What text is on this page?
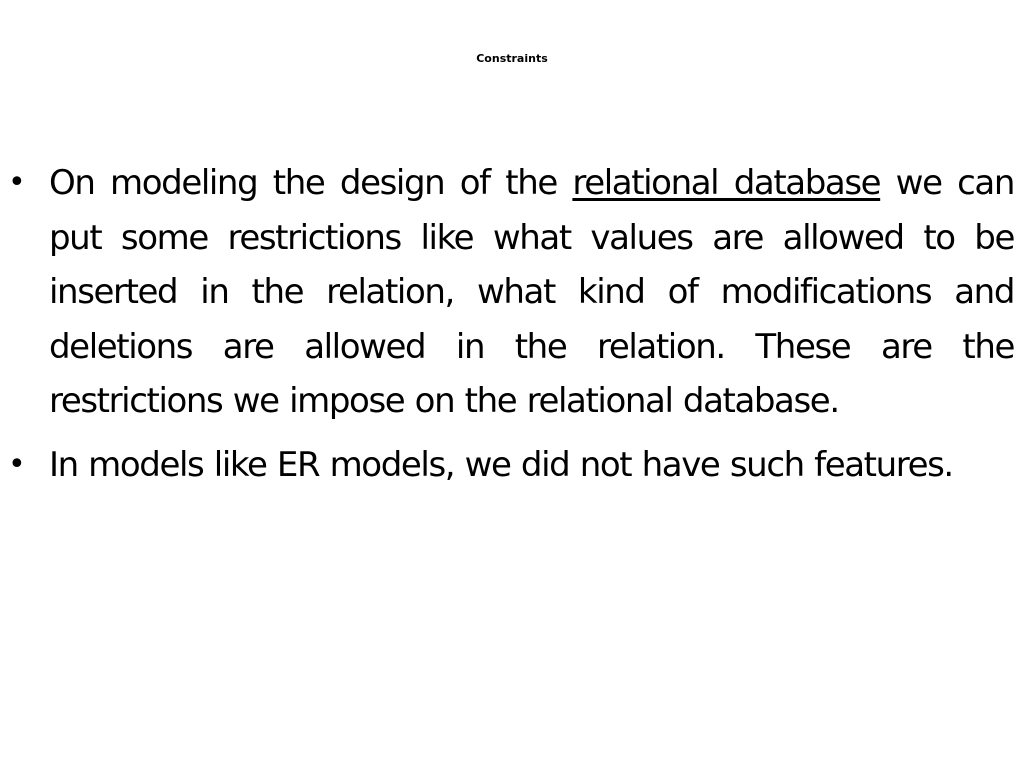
Constraints
• On modeling the design of the relational database we can put some restrictions like what values are allowed to be inserted in the relation, what kind of modifications and deletions are allowed in the relation. These are the restrictions we impose on the relational database.
• In models like ER models, we did not have such features.
